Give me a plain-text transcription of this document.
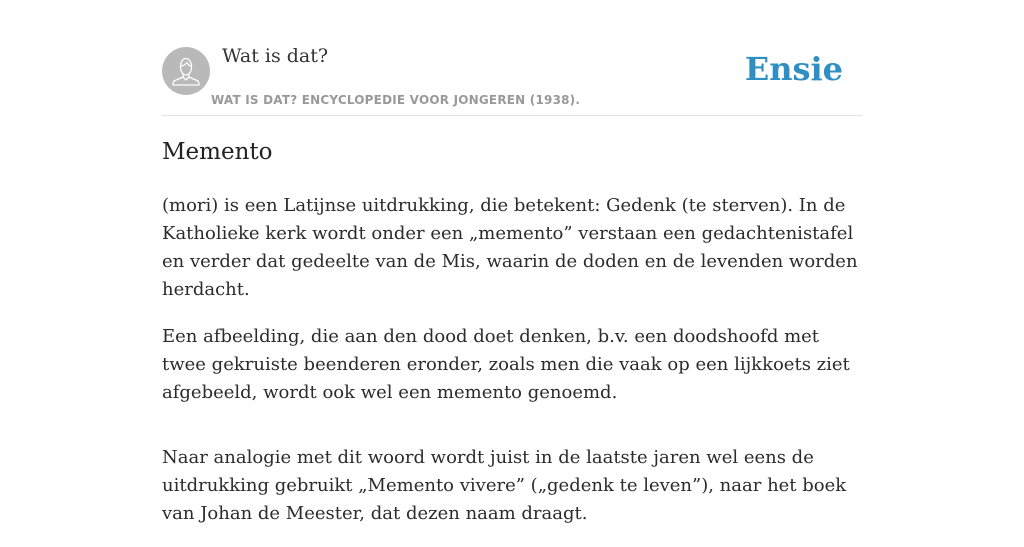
Wat is dat?
WAT IS DAT? ENCYCLOPEDIE VOOR JONGEREN (1938).
Ensie
Memento

(mori) is een Latijnse uitdrukking, die betekent: Gedenk (te sterven). In de Katholieke kerk wordt onder een „memento” verstaan een gedachtenistafel en verder dat gedeelte van de Mis, waarin de doden en de levenden worden herdacht.

Een afbeelding, die aan den dood doet denken, b.v. een doodshoofd met twee gekruiste beenderen eronder, zoals men die vaak op een lijkkoets ziet afgebeeld, wordt ook wel een memento genoemd.

Naar analogie met dit woord wordt juist in de laatste jaren wel eens de uitdrukking gebruikt „Memento vivere” („gedenk te leven”), naar het boek van Johan de Meester, dat dezen naam draagt.
